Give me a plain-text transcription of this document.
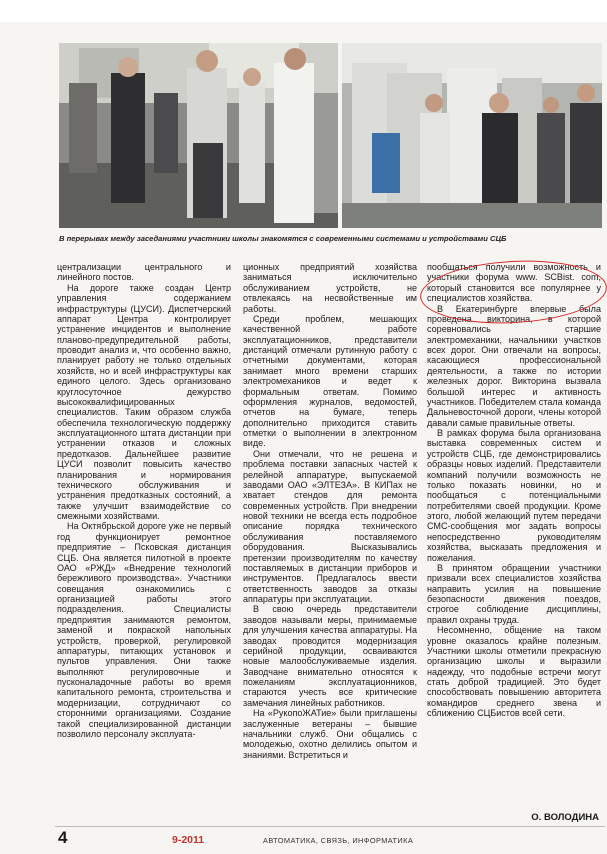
В перерывах между заседаниями участники школы знакомятся с современными системами и устройствами СЦБ

централизации центрального и линейного постов.

На дороге также создан Центр управления содержанием инфраструктуры (ЦУСИ). Диспетчерский аппарат Центра контролирует устранение инцидентов и выполнение планово-предупредительной работы, проводит анализ и, что особенно важно, планирует работу не только отдельных хозяйств, но и всей инфраструктуры как единого целого. Здесь организовано круглосуточное дежурство высококвалифицированных специалистов. Таким образом служба обеспечила технологическую поддержку эксплуатационного штата дистанции при устранении отказов и сложных предотказов. Дальнейшее развитие ЦУСИ позволит повысить качество планирования и нормирования технического обслуживания и устранения предотказных состояний, а также улучшит взаимодействие со смежными хозяйствами.

На Октябрьской дороге уже не первый год функционирует ремонтное предприятие – Псковская дистанция СЦБ. Она является пилотной в проекте ОАО «РЖД» «Внедрение технологий бережливого производства». Участники совещания ознакомились с организацией работы этого подразделения. Специалисты предприятия занимаются ремонтом, заменой и покраской напольных устройств, проверкой, регулировкой аппаратуры, питающих установок и пультов управления. Они также выполняют регулировочные и пусконаладочные работы во время капитального ремонта, строительства и модернизации, сотрудничают со сторонними организациями. Создание такой специализированной дистанции позволило персоналу эксплуата-

ционных предприятий хозяйства заниматься исключительно обслуживанием устройств, не отвлекаясь на несвойственные им работы.

Среди проблем, мешающих качественной работе эксплуатационников, представители дистанций отмечали рутинную работу с отчетными документами, которая занимает много времени старших электромехаников и ведет к формальным ответам. Помимо оформления журналов, ведомостей, отчетов на бумаге, теперь дополнительно приходится ставить отметки о выполнении в электронном виде.

Они отмечали, что не решена и проблема поставки запасных частей к релейной аппаратуре, выпускаемой заводами ОАО «ЭЛТЕЗА». В КИПах не хватает стендов для ремонта современных устройств. При внедрении новой техники не всегда есть подробное описание порядка технического обслуживания поставляемого оборудования. Высказывались претензии производителям по качеству поставляемых в дистанции приборов и инструментов. Предлагалось ввести ответственность заводов за отказы аппаратуры при эксплуатации.

В свою очередь представители заводов называли меры, принимаемые для улучшения качества аппаратуры. На заводах проводится модернизация серийной продукции, осваиваются новые малообслуживаемые изделия. Заводчане внимательно относятся к пожеланиям эксплуатационников, стараются учесть все критические замечания линейных работников.

На «РукопоЖАТие» были приглашены заслуженные ветераны – бывшие начальники служб. Они общались с молодежью, охотно делились опытом и знаниями. Встретиться и

пообщаться получили возможность и участники форума www. SCBist. com, который становится все популярнее у специалистов хозяйства.

В Екатеринбурге впервые была проведена викторина, в которой соревновались старшие электромеханики, начальники участков всех дорог. Они отвечали на вопросы, касающиеся профессиональной деятельности, а также по истории железных дорог. Викторина вызвала большой интерес и активность участников. Победителем стала команда Дальневосточной дороги, члены которой давали самые правильные ответы.

В рамках форума была организована выставка современных систем и устройств СЦБ, где демонстрировались образцы новых изделий. Представители компаний получили возможность не только показать новинки, но и пообщаться с потенциальными потребителями своей продукции. Кроме этого, любой желающий путем передачи СМС-сообщения мог задать вопросы непосредственно руководителям хозяйства, высказать предложения и пожелания.

В принятом обращении участники призвали всех специалистов хозяйства направить усилия на повышение безопасности движения поездов, строгое соблюдение дисциплины, правил охраны труда.

Несомненно, общение на таком уровне оказалось крайне полезным. Участники школы отметили прекрасную организацию школы и выразили надежду, что подобные встречи могут стать доброй традицией. Это будет способствовать повышению авторитета командиров среднего звена и сближению СЦБистов всей сети.

О. ВОЛОДИНА
4	9-2011	АВТОМАТИКА, СВЯЗЬ, ИНФОРМАТИКА
